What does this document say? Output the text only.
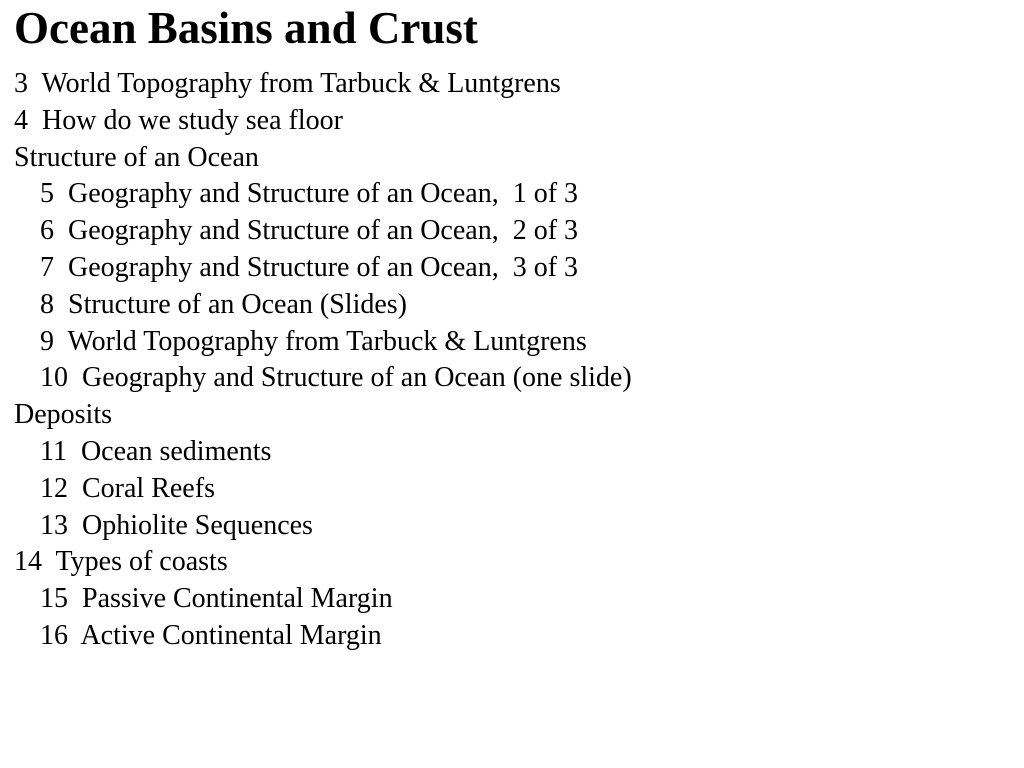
Ocean Basins and Crust
3  World Topography from Tarbuck & Luntgrens
4  How do we study sea floor
Structure of an Ocean
5  Geography and Structure of an Ocean,  1 of 3
6  Geography and Structure of an Ocean,  2 of 3
7  Geography and Structure of an Ocean,  3 of 3
8  Structure of an Ocean (Slides)
9  World Topography from Tarbuck & Luntgrens
10  Geography and Structure of an Ocean (one slide)
Deposits
11  Ocean sediments
12  Coral Reefs
13  Ophiolite Sequences
14  Types of coasts
15  Passive Continental Margin
16  Active Continental Margin
